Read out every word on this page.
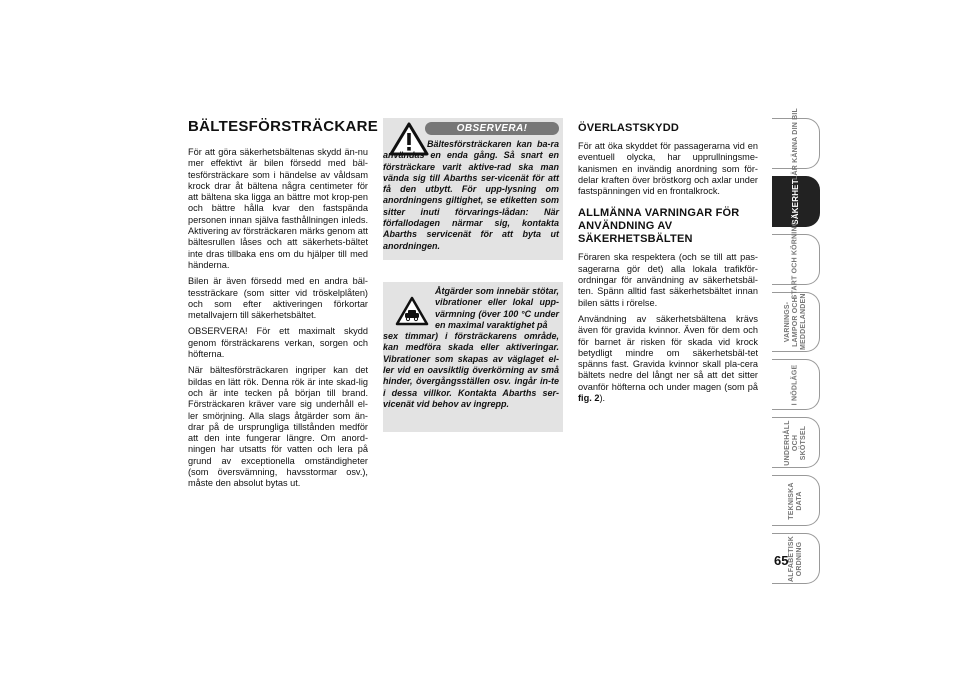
BÄLTESFÖRSTRÄCKARE

För att göra säkerhetsbältenas skydd än-nu mer effektivt är bilen försedd med bäl-tesförsträckare som i händelse av våldsam krock drar åt bältena några centimeter för att bältena ska ligga an bättre mot krop-pen och bättre hålla kvar den fastspända personen innan själva fasthållningen inleds. Aktivering av försträckaren märks genom att bältesrullen låses och att säkerhets-bältet inte dras tillbaka ens om du hjälper till med händerna.

Bilen är även försedd med en andra bäl-tessträckare (som sitter vid tröskelplåten) och som efter aktiveringen förkortar metallvajern till säkerhetsbältet.

OBSERVERA! För ett maximalt skydd genom försträckarens verkan, sorgen och höfterna.

När bältesförsträckaren ingriper kan det bildas en lätt rök. Denna rök är inte skad-lig och är inte tecken på början till brand. Försträckaren kräver vare sig underhåll el-ler smörjning. Alla slags åtgärder som än-drar på de ursprungliga tillstånden medför att den inte fungerar längre. Om anord-ningen har utsatts för vatten och lera på grund av exceptionella omständigheter (som översvämning, havsstormar osv.), måste den absolut bytas ut.

OBSERVERA!

Bältesförsträckaren kan ba-ra användas en enda gång. Så snart en försträckare varit aktive-rad ska man vända sig till Abarths ser-vicenät för att få den utbytt. För upp-lysning om anordningens giltighet, se etiketten som sitter inuti förvarings-lådan: När förfallodagen närmar sig, kontakta Abarths servicenät för att byta ut anordningen.

Åtgärder som innebär stötar, vibrationer eller lokal upp-värmning (över 100 °C under en maximal varaktighet på
sex timmar) i försträckarens område, kan medföra skada eller aktiveringar. Vibrationer som skapas av väglaget el-ler vid en oavsiktlig överkörning av små hinder, övergångsställen osv. ingår in-te i dessa villkor. Kontakta Abarths ser-vicenät vid behov av ingrepp.

ÖVERLASTSKYDD

För att öka skyddet för passagerarna vid en eventuell olycka, har upprullningsme-kanismen en invändig anordning som för-delar kraften över bröstkorg och axlar under fastspänningen vid en frontalkrock.

ALLMÄNNA VARNINGAR FÖR ANVÄNDNING AV SÄKERHETSBÄLTEN

Föraren ska respektera (och se till att pas-sagerarna gör det) alla lokala trafikför-ordningar för användning av säkerhetsbäl-ten. Spänn alltid fast säkerhetsbältet innan bilen sätts i rörelse.

Användning av säkerhetsbältena krävs även för gravida kvinnor. Även för dem och för barnet är risken för skada vid krock betydligt mindre om säkerhetsbäl-tet spänns fast. Gravida kvinnor skall pla-cera bältets nedre del långt ner så att det sitter ovanför höfterna och under magen (som på fig. 2).

LÄR KÄNNA DIN BIL
SÄKERHET
START OCH KÖRNING
VARNINGS-LAMPOR OCH MEDDELANDEN
I NÖDLÄGE
UNDERHÅLL OCH SKÖTSEL
TEKNISKA DATA
ALFABETISK ORDNING
65
